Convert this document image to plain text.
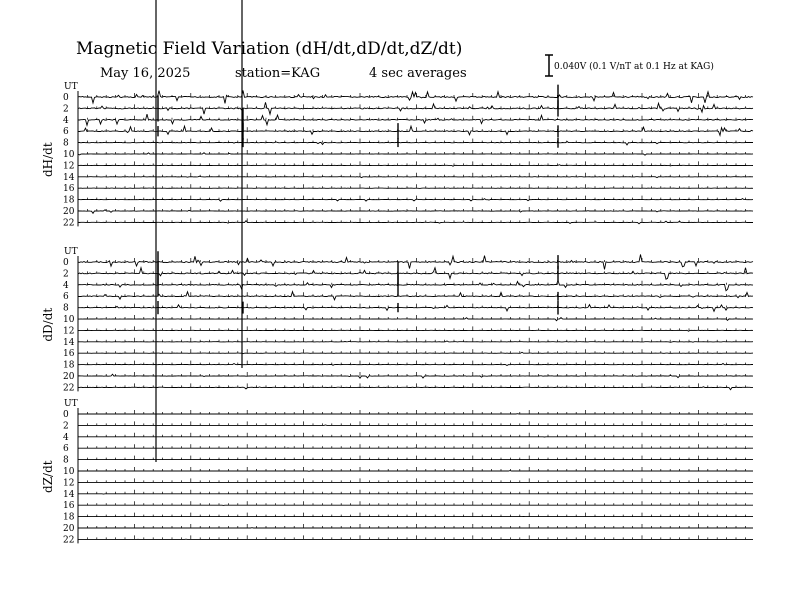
Magnetic Field Variation (dH/dt,dD/dt,dZ/dt)
May 16, 2025	station=KAG	4 sec averages	0.040V (0.1 V/nT at 0.1 Hz at KAG)
UT
dH/dt
0
2
4
6
8
10
12
14
16
18
20
22
UT
dD/dt
0
2
4
6
8
10
12
14
16
18
20
22
UT
dZ/dt
0
2
4
6
8
10
12
14
16
18
20
22
